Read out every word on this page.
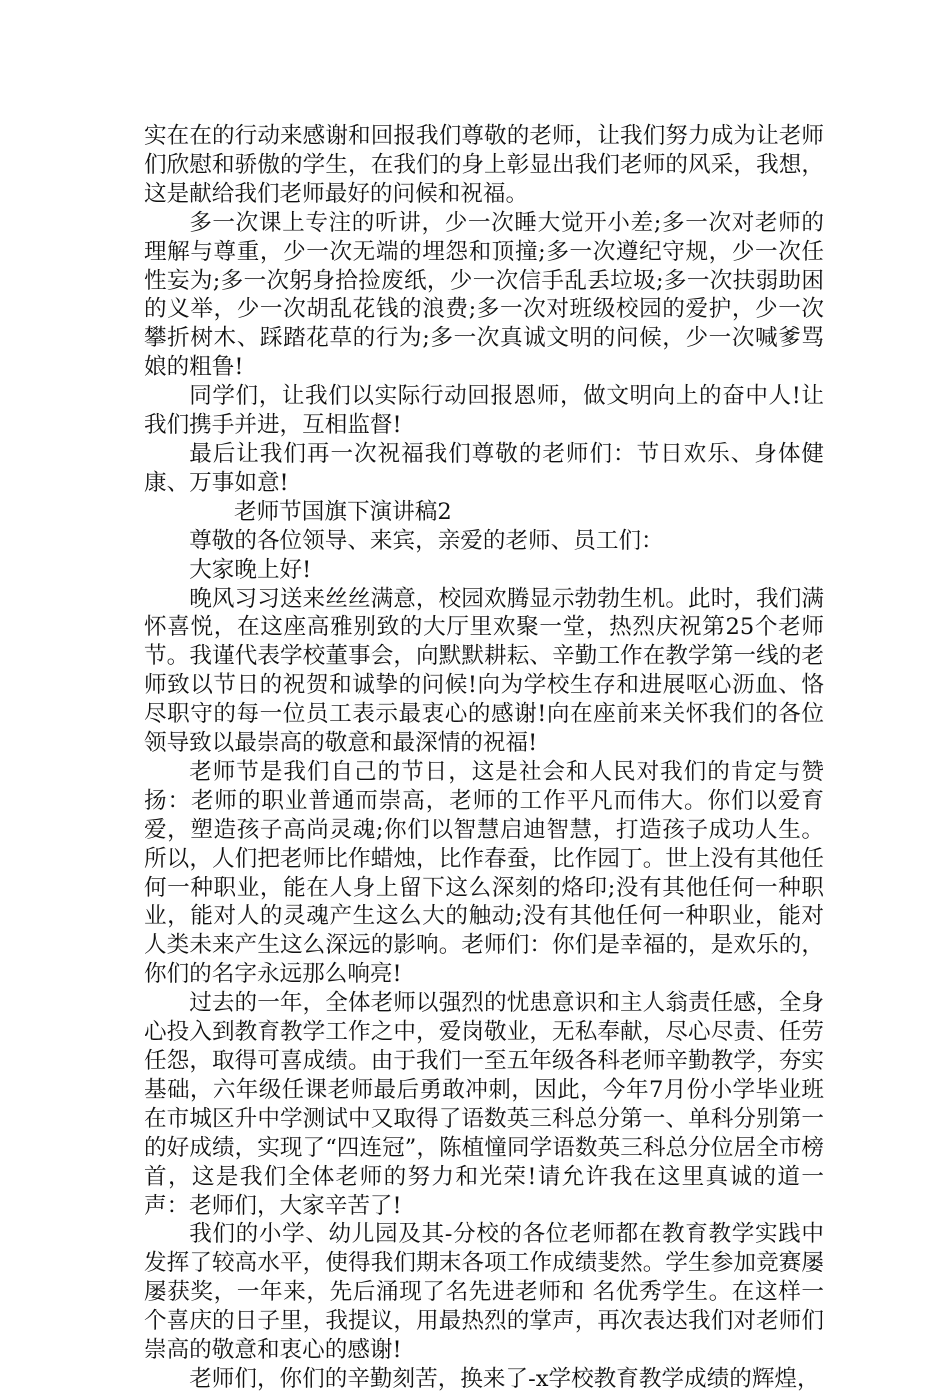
实在在的行动来感谢和回报我们尊敬的老师，让我们努力成为让老师们欣慰和骄傲的学生，在我们的身上彰显出我们老师的风采，我想，这是献给我们老师最好的问候和祝福。

多一次课上专注的听讲，少一次睡大觉开小差;多一次对老师的理解与尊重，少一次无端的埋怨和顶撞;多一次遵纪守规，少一次任性妄为;多一次躬身拾捡废纸，少一次信手乱丢垃圾;多一次扶弱助困的义举，少一次胡乱花钱的浪费;多一次对班级校园的爱护，少一次攀折树木、踩踏花草的行为;多一次真诚文明的问候，少一次喊爹骂娘的粗鲁!

同学们，让我们以实际行动回报恩师，做文明向上的奋中人!让我们携手并进，互相监督!

最后让我们再一次祝福我们尊敬的老师们：节日欢乐、身体健康、万事如意!

老师节国旗下演讲稿2

尊敬的各位领导、来宾，亲爱的老师、员工们：

大家晚上好!

晚风习习送来丝丝满意，校园欢腾显示勃勃生机。此时，我们满怀喜悦，在这座高雅别致的大厅里欢聚一堂，热烈庆祝第25个老师节。我谨代表学校董事会，向默默耕耘、辛勤工作在教学第一线的老师致以节日的祝贺和诚挚的问候!向为学校生存和进展呕心沥血、恪尽职守的每一位员工表示最衷心的感谢!向在座前来关怀我们的各位领导致以最崇高的敬意和最深情的祝福!

老师节是我们自己的节日，这是社会和人民对我们的肯定与赞扬：老师的职业普通而崇高，老师的工作平凡而伟大。你们以爱育爱，塑造孩子高尚灵魂;你们以智慧启迪智慧，打造孩子成功人生。所以，人们把老师比作蜡烛，比作春蚕，比作园丁。世上没有其他任何一种职业，能在人身上留下这么深刻的烙印;没有其他任何一种职业，能对人的灵魂产生这么大的触动;没有其他任何一种职业，能对人类未来产生这么深远的影响。老师们：你们是幸福的，是欢乐的，你们的名字永远那么响亮!

过去的一年，全体老师以强烈的忧患意识和主人翁责任感，全身心投入到教育教学工作之中，爱岗敬业，无私奉献，尽心尽责、任劳任怨，取得可喜成绩。由于我们一至五年级各科老师辛勤教学，夯实基础，六年级任课老师最后勇敢冲刺，因此，今年7月份小学毕业班在市城区升中学测试中又取得了语数英三科总分第一、单科分别第一的好成绩，实现了“四连冠”，陈植憧同学语数英三科总分位居全市榜首，这是我们全体老师的努力和光荣!请允许我在这里真诚的道一声：老师们，大家辛苦了!

我们的小学、幼儿园及其-分校的各位老师都在教育教学实践中发挥了较高水平，使得我们期末各项工作成绩斐然。学生参加竞赛屡屡获奖，一年来，先后涌现了名先进老师和 名优秀学生。在这样一个喜庆的日子里，我提议，用最热烈的掌声，再次表达我们对老师们崇高的敬意和衷心的感谢!

老师们，你们的辛勤刻苦，换来了-x学校教育教学成绩的辉煌，
